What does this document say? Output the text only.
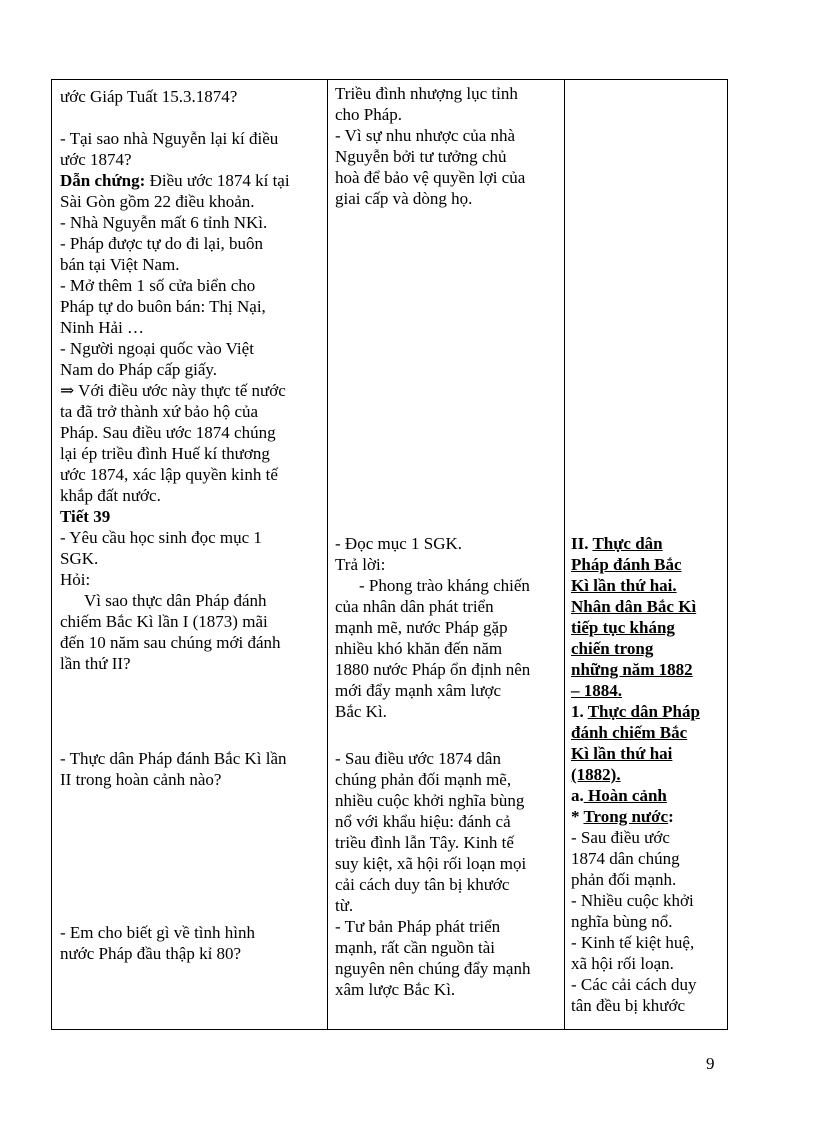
ước Giáp Tuất 15.3.1874?

- Tại sao nhà Nguyễn lại kí điều
ước 1874?
Dẫn chứng: Điều ước 1874 kí tại
Sài Gòn gồm 22 điều khoản.
- Nhà Nguyễn mất 6 tỉnh NKì.
- Pháp được tự do đi lại, buôn
bán tại Việt Nam.
- Mở thêm 1 số cửa biển cho
Pháp tự do buôn bán: Thị Nại,
Ninh Hải …
- Người ngoại quốc vào Việt
Nam do Pháp cấp giấy.
⇒ Với điều ước này thực tế nước
ta đã trở thành xứ bảo hộ của
Pháp. Sau điều ước 1874 chúng
lại ép triều đình Huế kí thương
ước 1874, xác lập quyền kinh tế
khắp đất nước.
Tiết 39
- Yêu cầu học sinh đọc mục 1
SGK.
Hỏi:
Vì sao thực dân Pháp đánh
chiếm Bắc Kì lần I (1873) mãi
đến 10 năm sau chúng mới đánh
lần thứ II?
- Thực dân Pháp đánh Bắc Kì lần
II trong hoàn cảnh nào?
- Em cho biết gì về tình hình
nước Pháp đầu thập kỉ 80?
Triều đình nhượng lục tỉnh
cho Pháp.
- Vì sự nhu nhược của nhà
Nguyễn bởi tư tưởng chủ
hoà để bảo vệ quyền lợi của
giai cấp và dòng họ.
- Đọc mục 1 SGK.
Trả lời:
- Phong trào kháng chiến
của nhân dân phát triển
mạnh mẽ, nước Pháp gặp
nhiều khó khăn đến năm
1880 nước Pháp ổn định nên
mới đẩy mạnh xâm lược
Bắc Kì.
- Sau điều ước 1874 dân
chúng phản đối mạnh mẽ,
nhiều cuộc khởi nghĩa bùng
nổ với khẩu hiệu: đánh cả
triều đình lẫn Tây. Kinh tế
suy kiệt, xã hội rối loạn mọi
cải cách duy tân bị khước
từ.
- Tư bản Pháp phát triển
mạnh, rất cần nguồn tài
nguyên nên chúng đẩy mạnh
xâm lược Bắc Kì.
II. Thực dân
Pháp đánh Bắc
Kì lần thứ hai.
Nhân dân Bắc Kì
tiếp tục kháng
chiến trong
những năm 1882
– 1884.
1. Thực dân Pháp
đánh chiếm Bắc
Kì lần thứ hai
(1882).
a. Hoàn cảnh
* Trong nước:
- Sau điều ước
1874 dân chúng
phản đối mạnh.
- Nhiều cuộc khởi
nghĩa bùng nổ.
- Kinh tế kiệt huệ,
xã hội rối loạn.
- Các cải cách duy
tân đều bị khước
9
